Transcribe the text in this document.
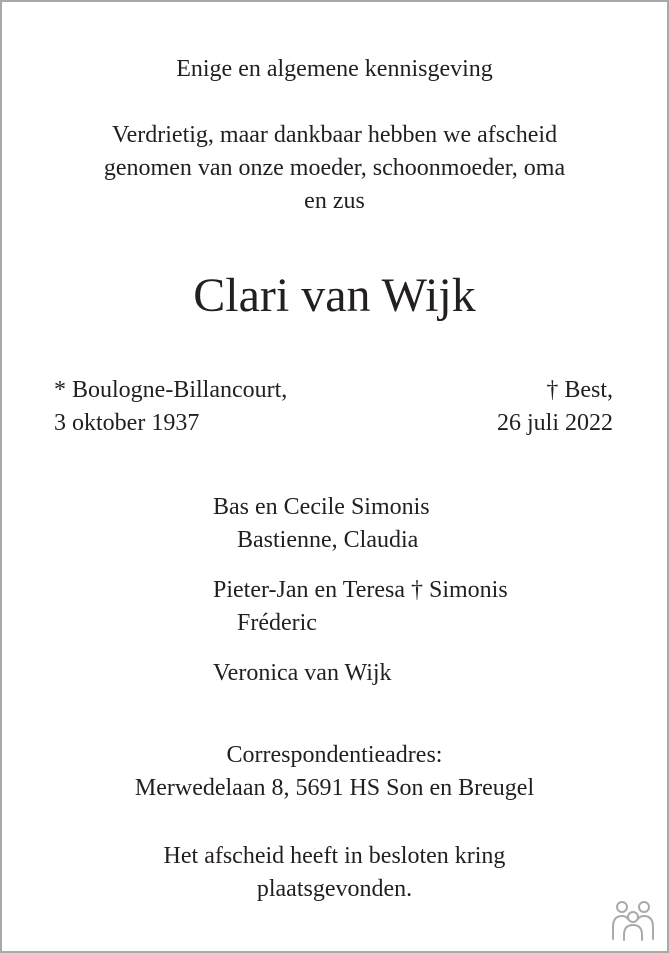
Enige en algemene kennisgeving
Verdrietig, maar dankbaar hebben we afscheid
genomen van onze moeder, schoonmoeder, oma
en zus
Clari van Wijk
* Boulogne-Billancourt,
3 oktober 1937
† Best,
26 juli 2022
Bas en Cecile Simonis
Bastienne, Claudia
Pieter-Jan en Teresa † Simonis
Fréderic
Veronica van Wijk
Correspondentieadres:
Merwedelaan 8, 5691 HS Son en Breugel
Het afscheid heeft in besloten kring
plaatsgevonden.
